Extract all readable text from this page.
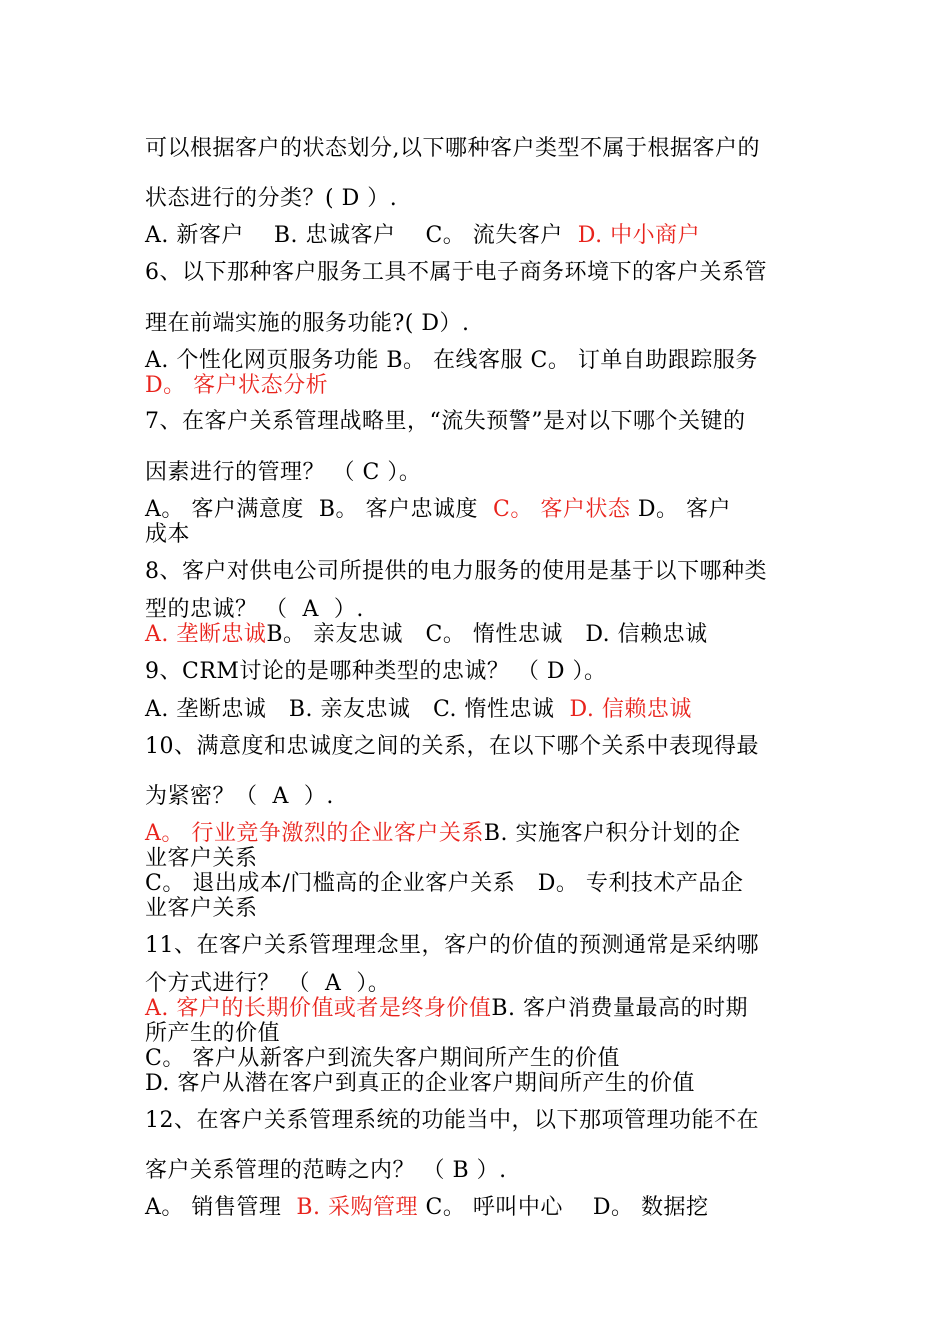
可以根据客户的状态划分,以下哪种客户类型不属于根据客户的
状态进行的分类？( D ）.
A. 新客户    B. 忠诚客户    C。 流失客户  D. 中小商户
6、以下那种客户服务工具不属于电子商务环境下的客户关系管
理在前端实施的服务功能?( D）.
A. 个性化网页服务功能 B。 在线客服 C。 订单自助跟踪服务
D。 客户状态分析
7、在客户关系管理战略里，“流失预警”是对以下哪个关键的
因素进行的管理？ （ C ）。
A。 客户满意度  B。 客户忠诚度  C。 客户状态 D。 客户
成本
8、客户对供电公司所提供的电力服务的使用是基于以下哪种类
型的忠诚？ （  A  ）.
A. 垄断忠诚B。 亲友忠诚   C。 惰性忠诚   D. 信赖忠诚
9、CRM讨论的是哪种类型的忠诚？ （ D ）。
A. 垄断忠诚   B. 亲友忠诚   C. 惰性忠诚  D. 信赖忠诚
10、满意度和忠诚度之间的关系，在以下哪个关系中表现得最
为紧密？（  A  ）.
A。 行业竞争激烈的企业客户关系B. 实施客户积分计划的企
业客户关系
C。 退出成本/门槛高的企业客户关系   D。 专利技术产品企
业客户关系
11、在客户关系管理理念里，客户的价值的预测通常是采纳哪
个方式进行？ （  A  ）。
A. 客户的长期价值或者是终身价值B. 客户消费量最高的时期
所产生的价值
C。 客户从新客户到流失客户期间所产生的价值
D. 客户从潜在客户到真正的企业客户期间所产生的价值
12、在客户关系管理系统的功能当中，以下那项管理功能不在
客户关系管理的范畴之内？ （ B ）.
A。 销售管理  B. 采购管理 C。 呼叫中心    D。 数据挖
